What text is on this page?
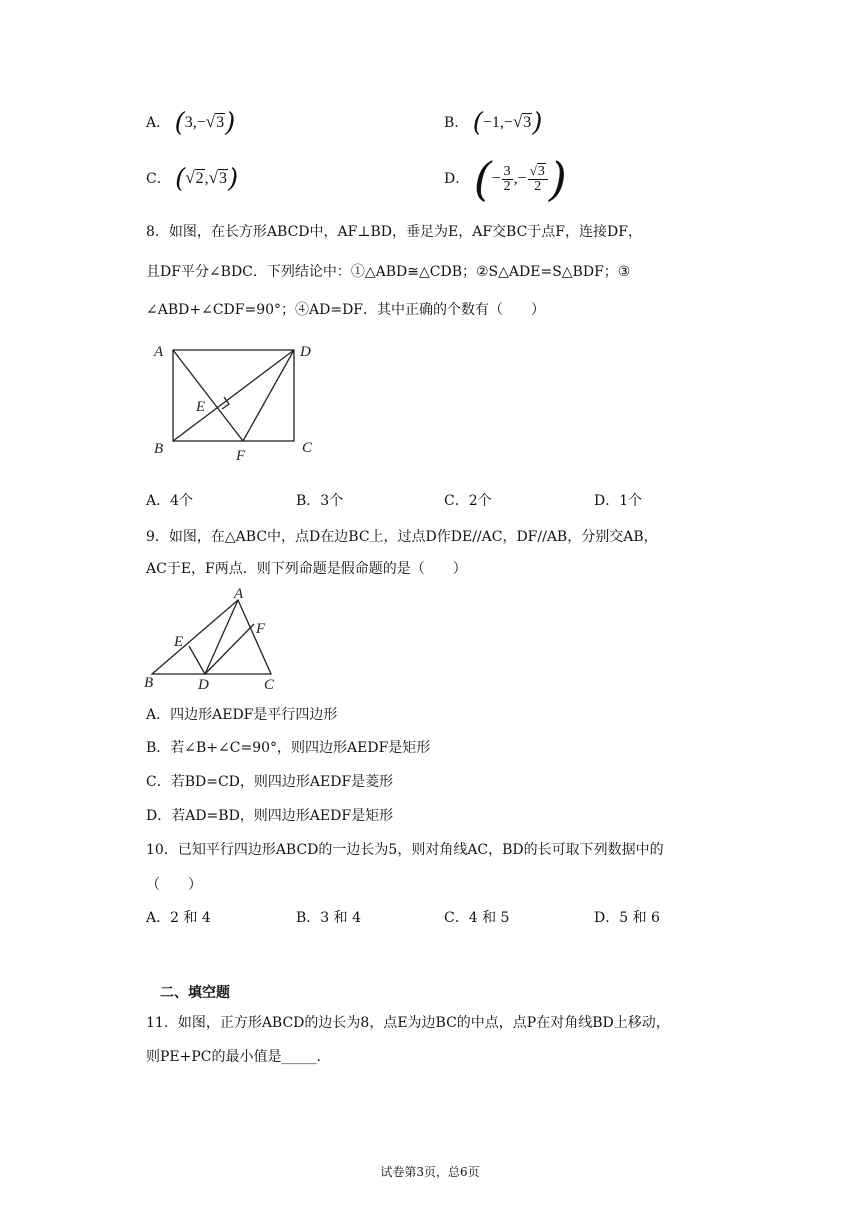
A． (3,−√3)	B． (−1,−√3)
C． (√2,√3)	D． (− $\frac{3}{2}$ ,− $\frac{√3}{2}$ )
8．如图，在长方形ABCD中，AF⊥BD，垂足为E，AF交BC于点F，连接DF，
且DF平分∠BDC．下列结论中：①△ABD≅△CDB；②S△ADE=S△BDF；③
∠ABD+∠CDF=90°；④AD=DF．其中正确的个数有（　　）
A	D
E
B	F	C
A．4个	B．3个	C．2个	D．1个
9．如图，在△ABC中，点D在边BC上，过点D作DE//AC，DF//AB，分别交AB，
AC于E，F两点．则下列命题是假命题的是（　　）
A
E
F
B	D	C
A．四边形AEDF是平行四边形
B．若∠B+∠C=90°，则四边形AEDF是矩形
C．若BD=CD，则四边形AEDF是菱形
D．若AD=BD，则四边形AEDF是矩形
10．已知平行四边形ABCD的一边长为5，则对角线AC，BD的长可取下列数据中的
（　　）
A．2 和 4	B．3 和 4	C．4 和 5	D．5 和 6
二、填空题
11．如图，正方形ABCD的边长为8，点E为边BC的中点，点P在对角线BD上移动，
则PE+PC的最小值是_____.
试卷第3页，总6页
